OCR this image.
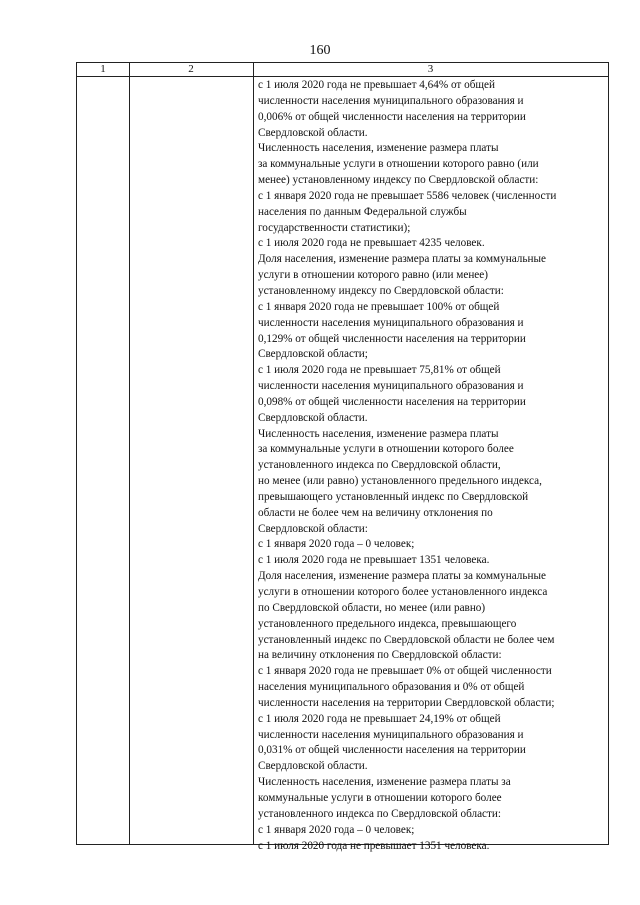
160
1	2	3
с 1 июля 2020 года не превышает 4,64% от общей
численности населения муниципального образования и
0,006% от общей численности населения на территории
Свердловской области.
Численность населения, изменение размера платы
за коммунальные услуги в отношении которого равно (или
менее) установленному индексу по Свердловской области:
с 1 января 2020 года не превышает 5586 человек (численности
населения по данным Федеральной службы
государственности статистики);
с 1 июля 2020 года не превышает 4235 человек.
Доля населения, изменение размера платы за коммунальные
услуги в отношении которого равно (или менее)
установленному индексу по Свердловской области:
с 1 января 2020 года не превышает 100% от общей
численности населения муниципального образования и
0,129% от общей численности населения на территории
Свердловской области;
с 1 июля 2020 года не превышает 75,81% от общей
численности населения муниципального образования и
0,098% от общей численности населения на территории
Свердловской области.
Численность населения, изменение размера платы
за коммунальные услуги в отношении которого более
установленного индекса по Свердловской области,
но менее (или равно) установленного предельного индекса,
превышающего установленный индекс по Свердловской
области не более чем на величину отклонения по
Свердловской области:
с 1 января 2020 года – 0 человек;
с 1 июля 2020 года не превышает 1351 человека.
Доля населения, изменение размера платы за коммунальные
услуги в отношении которого более установленного индекса
по Свердловской области, но менее (или равно)
установленного предельного индекса, превышающего
установленный индекс по Свердловской области не более чем
на величину отклонения по Свердловской области:
с 1 января 2020 года не превышает 0% от общей численности
населения муниципального образования и 0% от общей
численности населения на территории Свердловской области;
с 1 июля 2020 года не превышает 24,19% от общей
численности населения муниципального образования и
0,031% от общей численности населения на территории
Свердловской области.
Численность населения, изменение размера платы за
коммунальные услуги в отношении которого более
установленного индекса по Свердловской области:
с 1 января 2020 года – 0 человек;
с 1 июля 2020 года не превышает 1351 человека.
